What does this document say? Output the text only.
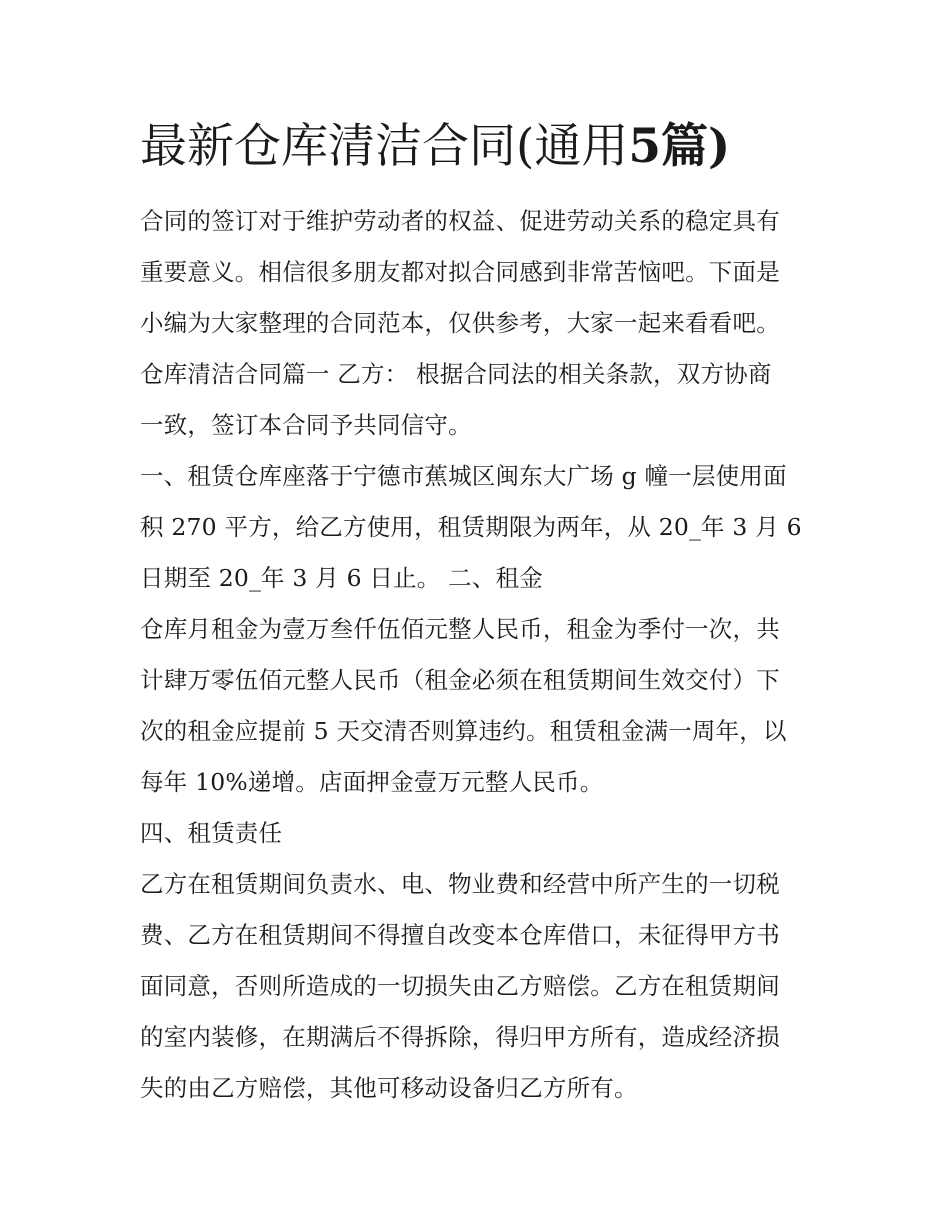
最新仓库清洁合同(通用5篇)

合同的签订对于维护劳动者的权益、促进劳动关系的稳定具有

重要意义。相信很多朋友都对拟合同感到非常苦恼吧。下面是

小编为大家整理的合同范本，仅供参考，大家一起来看看吧。

仓库清洁合同篇一 乙方： 根据合同法的相关条款，双方协商

一致，签订本合同予共同信守。

一、租赁仓库座落于宁德市蕉城区闽东大广场 g 幢一层使用面

积 270 平方，给乙方使用，租赁期限为两年，从 20_年 3 月 6

日期至 20_年 3 月 6 日止。 二、租金

仓库月租金为壹万叁仟伍佰元整人民币，租金为季付一次，共

计肆万零伍佰元整人民币（租金必须在租赁期间生效交付）下

次的租金应提前 5 天交清否则算违约。租赁租金满一周年，以

每年 10%递增。店面押金壹万元整人民币。

四、租赁责任

乙方在租赁期间负责水、电、物业费和经营中所产生的一切税

费、乙方在租赁期间不得擅自改变本仓库借口，未征得甲方书

面同意，否则所造成的一切损失由乙方赔偿。乙方在租赁期间

的室内装修，在期满后不得拆除，得归甲方所有，造成经济损

失的由乙方赔偿，其他可移动设备归乙方所有。
